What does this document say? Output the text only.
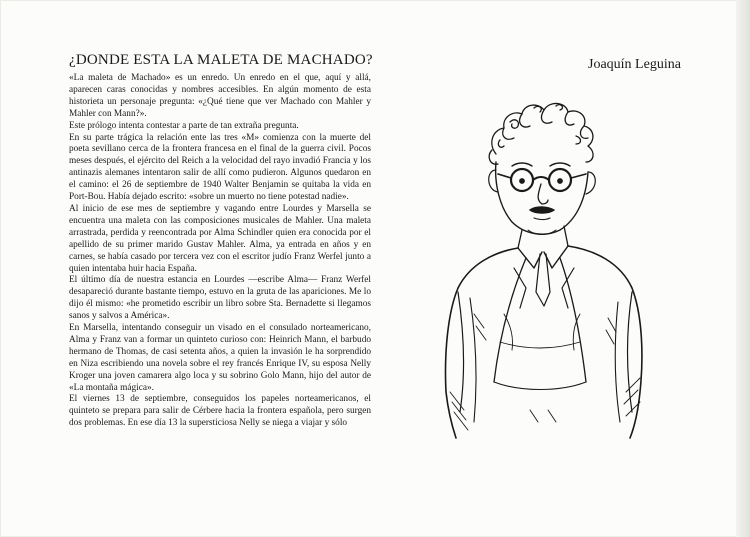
¿DONDE ESTA LA MALETA DE MACHADO?

«La maleta de Machado» es un enredo. Un enredo en el que, aquí y allá, aparecen caras conocidas y nombres accesibles. En algún momento de esta historieta un personaje pregunta: «¿Qué tiene que ver Machado con Mahler y Mahler con Mann?».

Este prólogo intenta contestar a parte de tan extraña pregunta.

En su parte trágica la relación ente las tres «M» comienza con la muerte del poeta sevillano cerca de la frontera francesa en el final de la guerra civil. Pocos meses después, el ejército del Reich a la velocidad del rayo invadió Francia y los antinazis alemanes intentaron salir de allí como pudieron. Algunos quedaron en el camino: el 26 de septiembre de 1940 Walter Benjamin se quitaba la vida en Port-Bou. Había dejado escrito: «sobre un muerto no tiene potestad nadie».

Al inicio de ese mes de septiembre y vagando entre Lourdes y Marsella se encuentra una maleta con las composiciones musicales de Mahler. Una maleta arrastrada, perdida y reencontrada por Alma Schindler quien era conocida por el apellido de su primer marido Gustav Mahler. Alma, ya entrada en años y en carnes, se había casado por tercera vez con el escritor judío Franz Werfel junto a quien intentaba huir hacia España.

El último día de nuestra estancia en Lourdes —escribe Alma— Franz Werfel desapareció durante bastante tiempo, estuvo en la gruta de las apariciones. Me lo dijo él mismo: «he prometido escribir un libro sobre Sta. Bernadette si llegamos sanos y salvos a América».

En Marsella, intentando conseguir un visado en el consulado norteamericano, Alma y Franz van a formar un quinteto curioso con: Heinrich Mann, el barbudo hermano de Thomas, de casi setenta años, a quien la invasión le ha sorprendido en Niza escribiendo una novela sobre el rey francés Enrique IV, su esposa Nelly Kroger una joven camarera algo loca y su sobrino Golo Mann, hijo del autor de «La montaña mágica».

El viernes 13 de septiembre, conseguidos los papeles norteamericanos, el quinteto se prepara para salir de Cérbere hacia la frontera española, pero surgen dos problemas. En ese día 13 la supersticiosa Nelly se niega a viajar y sólo

Joaquín Leguina
